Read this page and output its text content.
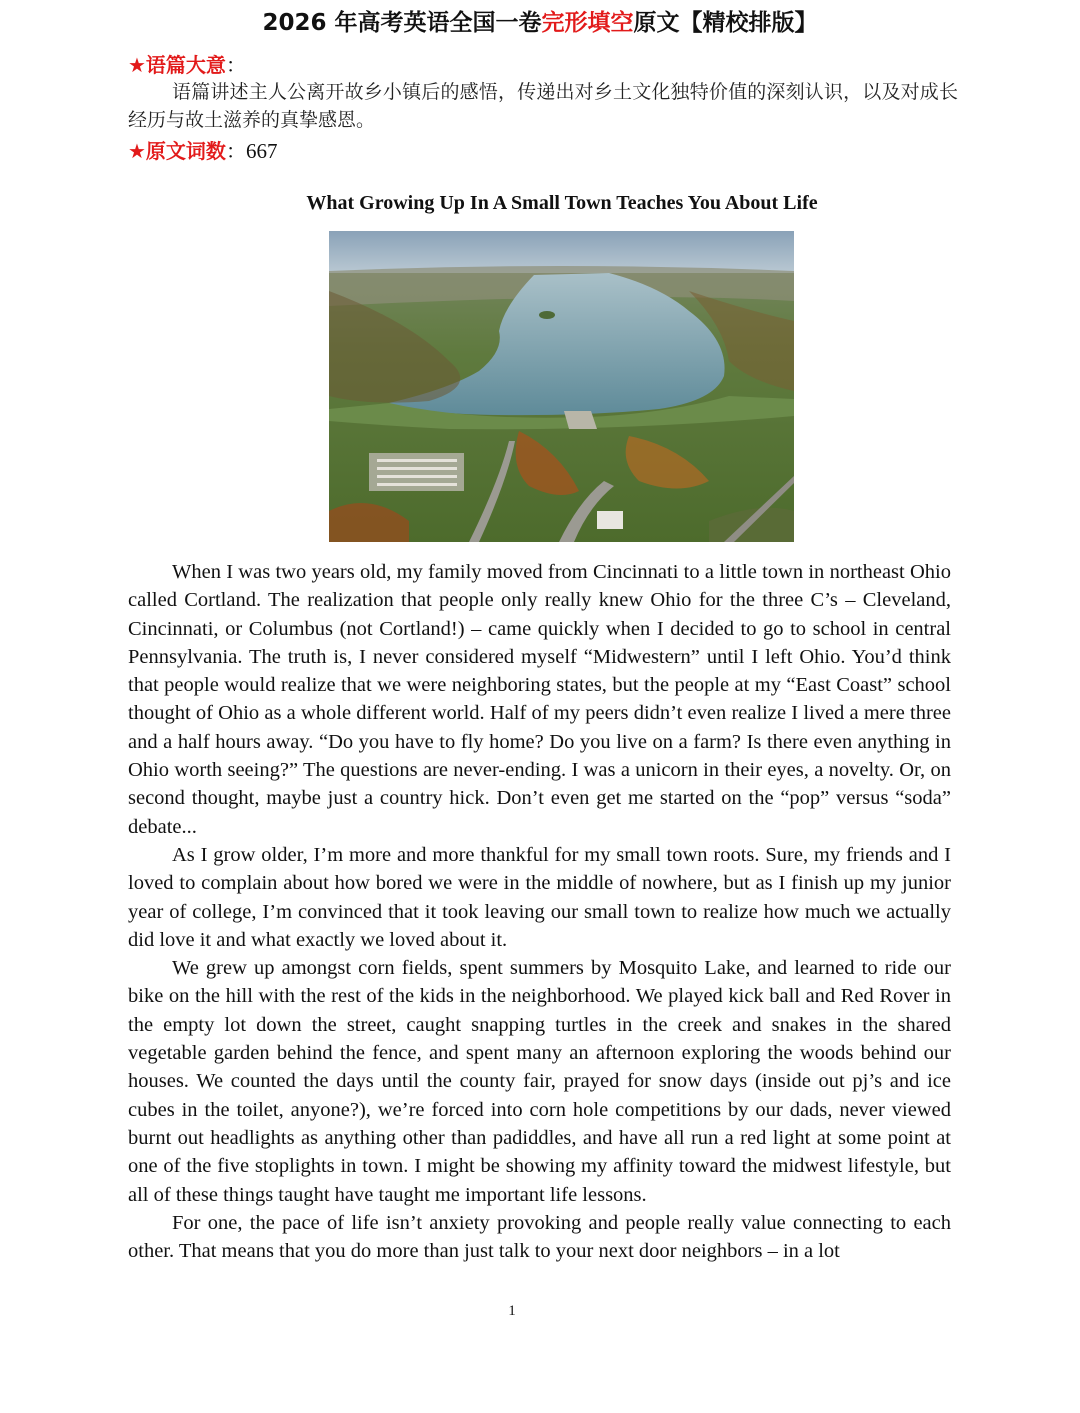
2026 年高考英语全国一卷完形填空原文【精校排版】
★语篇大意：

语篇讲述主人公离开故乡小镇后的感悟，传递出对乡土文化独特价值的深刻认识，以及对成长经历与故土滋养的真挚感恩。

★原文词数：667
What Growing Up In A Small Town Teaches You About Life

When I was two years old, my family moved from Cincinnati to a little town in northeast Ohio called Cortland. The realization that people only really knew Ohio for the three C’s – Cleveland, Cincinnati, or Columbus (not Cortland!) – came quickly when I decided to go to school in central Pennsylvania. The truth is, I never considered myself “Midwestern” until I left Ohio. You’d think that people would realize that we were neighboring states, but the people at my “East Coast” school thought of Ohio as a whole different world. Half of my peers didn’t even realize I lived a mere three and a half hours away. “Do you have to fly home? Do you live on a farm? Is there even anything in Ohio worth seeing?” The questions are never-ending. I was a unicorn in their eyes, a novelty. Or, on second thought, maybe just a country hick. Don’t even get me started on the “pop” versus “soda” debate...

As I grow older, I’m more and more thankful for my small town roots. Sure, my friends and I loved to complain about how bored we were in the middle of nowhere, but as I finish up my junior year of college, I’m convinced that it took leaving our small town to realize how much we actually did love it and what exactly we loved about it.

We grew up amongst corn fields, spent summers by Mosquito Lake, and learned to ride our bike on the hill with the rest of the kids in the neighborhood. We played kick ball and Red Rover in the empty lot down the street, caught snapping turtles in the creek and snakes in the shared vegetable garden behind the fence, and spent many an afternoon exploring the woods behind our houses. We counted the days until the county fair, prayed for snow days (inside out pj’s and ice cubes in the toilet, anyone?), we’re forced into corn hole competitions by our dads, never viewed burnt out headlights as anything other than padiddles, and have all run a red light at some point at one of the five stoplights in town. I might be showing my affinity toward the midwest lifestyle, but all of these things taught have taught me important life lessons.

For one, the pace of life isn’t anxiety provoking and people really value connecting to each other. That means that you do more than just talk to your next door neighbors – in a lot

1
